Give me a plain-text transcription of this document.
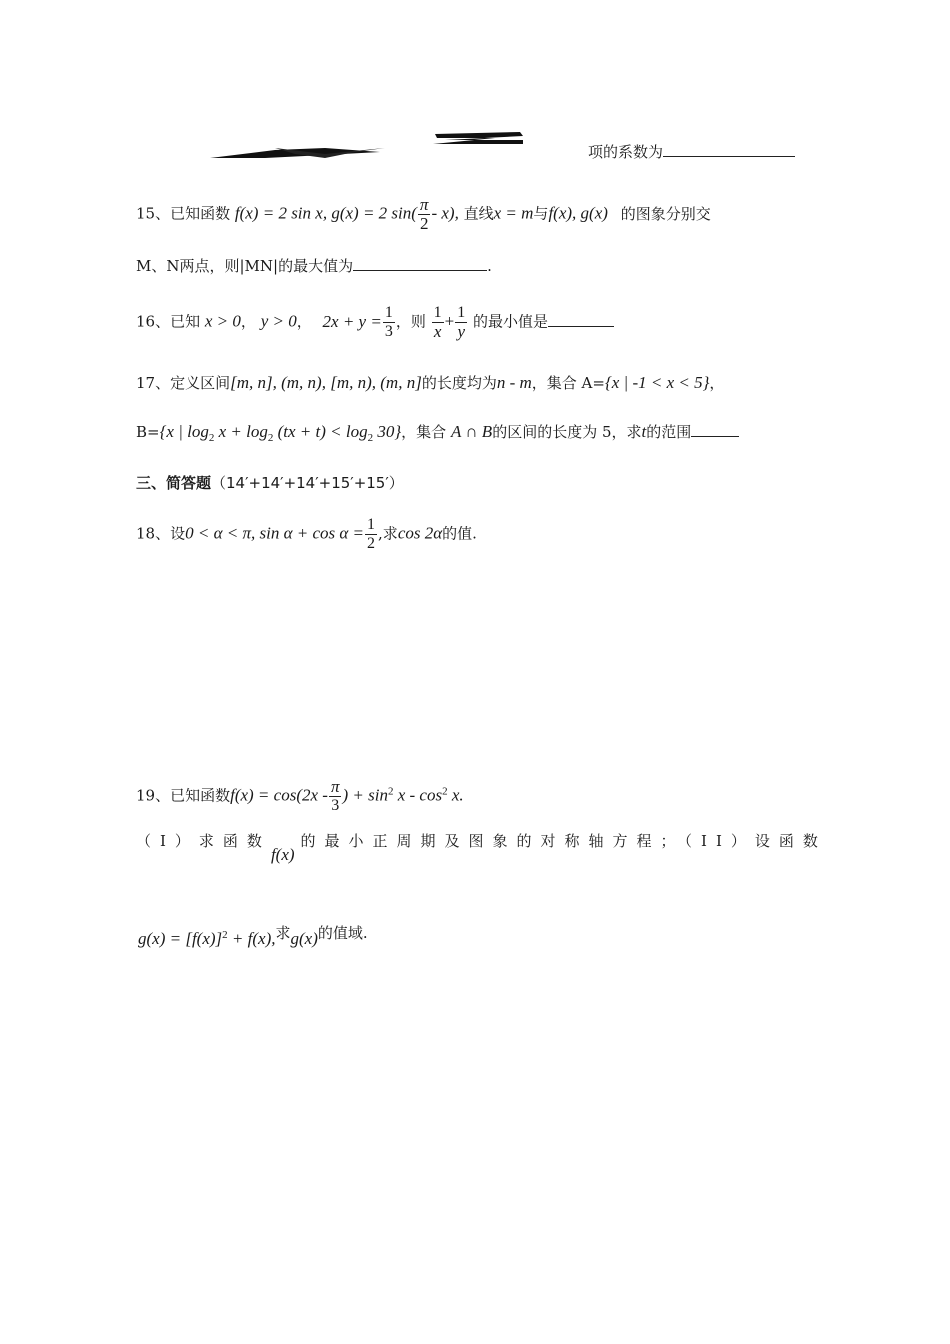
项的系数为
15、已知函数 f(x) = 2 sin x, g(x) = 2 $\sin( \frac{\pi}{2} - x)$, 直线x = m与f(x), g(x) 的图象分别交
M、N两点，则|MN|的最大值为	.
16、已知 x > 0， y > 0， $2x + y = \frac{1}{3}$ ，则 $\frac{1}{x} + \frac{1}{y}$ 的最小值是
17、定义区间[m, n], (m, n), [m, n), (m, n]的长度均为n - m，集合 A={x | -1 < x < 5}，
B={x | $\log_2 x + \log_2 (tx + t) < \log_2 30$}，集合 A ∩ B的区间的长度为 5，求t的范围
三、简答题（14′+14′+14′+15′+15′）
18、设0 < α < π, $\sin \alpha + \cos \alpha = \frac{1}{2}$ ,求cos 2α的值.
19、已知函数$f(x) = \cos(2x - \frac{\pi}{3}$ ) + $\sin^2 x - \cos^2 x$.
（Ⅰ）求函数f(x)的最小正周期及图象的对称轴方程；（II）设函数
$g(x) = [f(x)]^2 + f(x)$,求g(x)的值域.
